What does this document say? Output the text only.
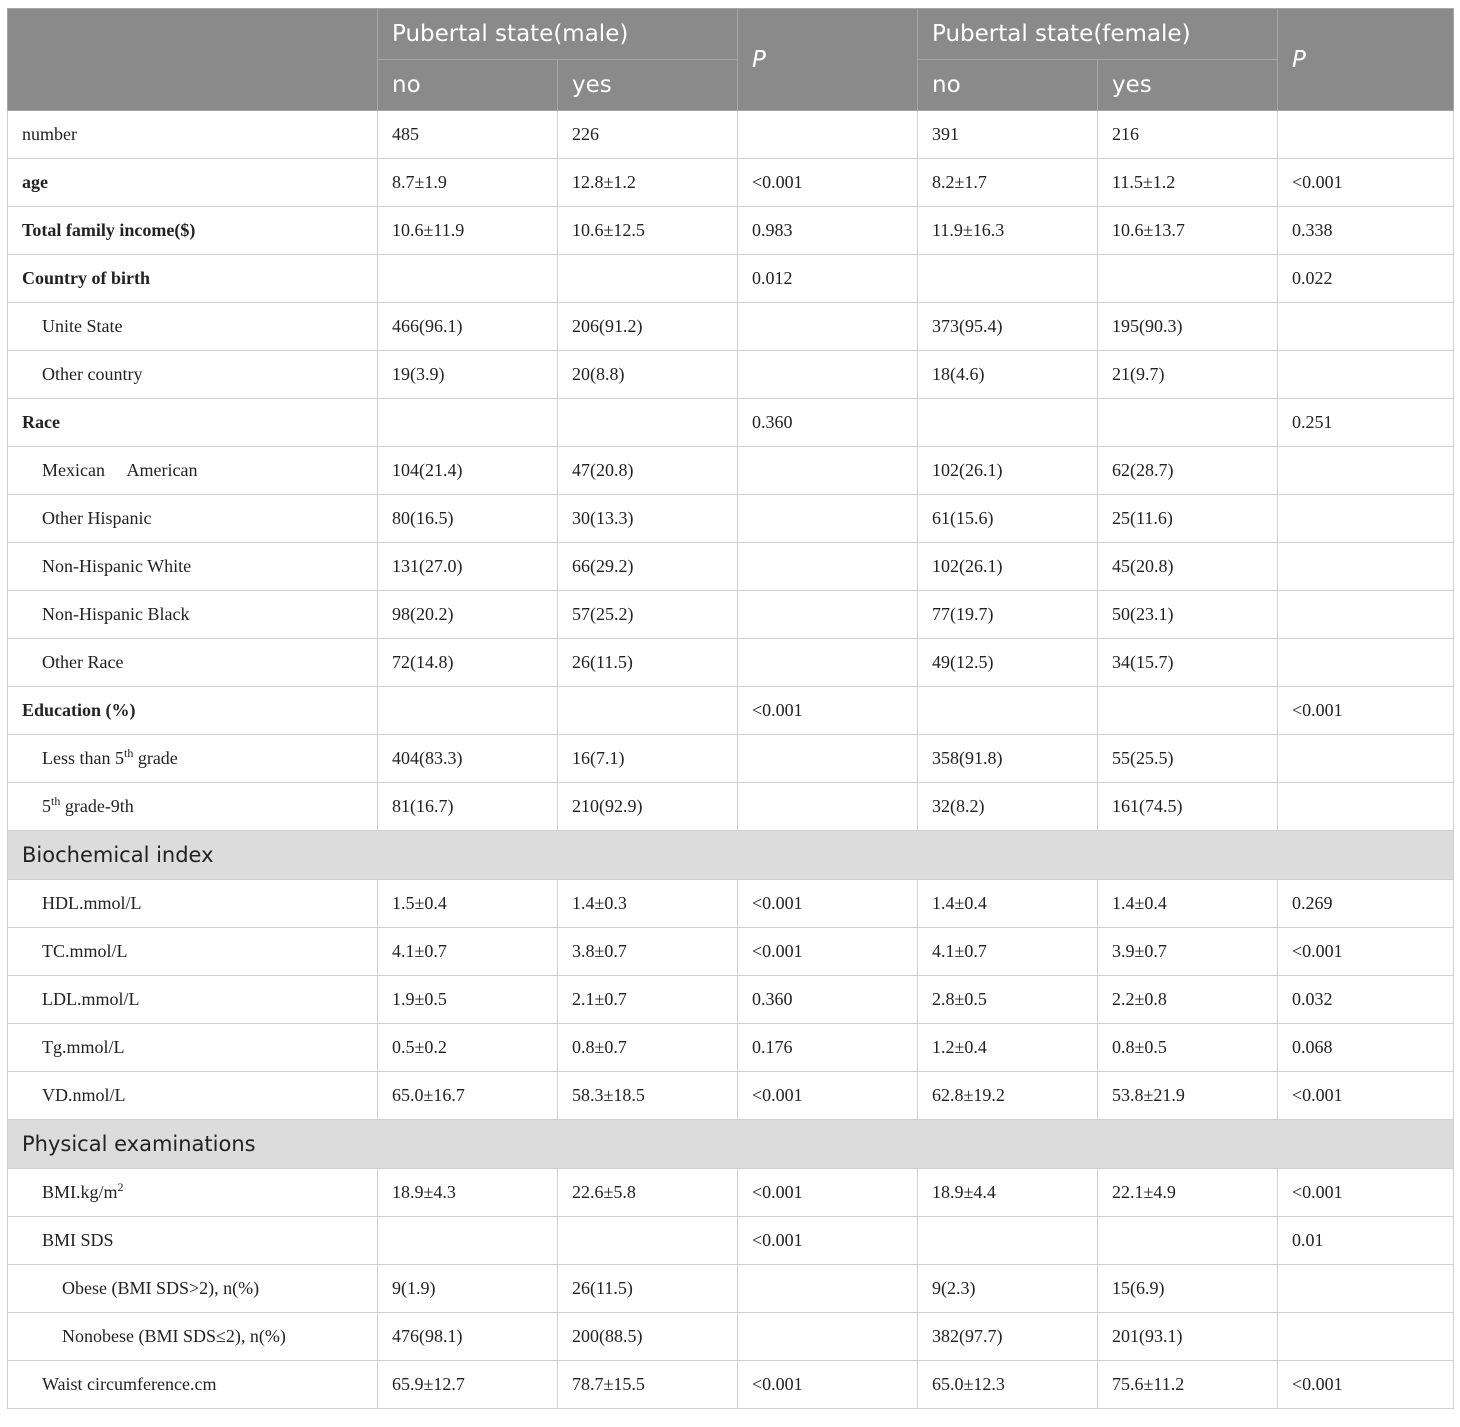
	Pubertal state(male)		P	Pubertal state(female)		P
	no	yes		no	yes	
number	485	226		391	216	
age	8.7±1.9	12.8±1.2	<0.001	8.2±1.7	11.5±1.2	<0.001
Total family income($)	10.6±11.9	10.6±12.5	0.983	11.9±16.3	10.6±13.7	0.338
Country of birth			0.012			0.022
Unite State	466(96.1)	206(91.2)		373(95.4)	195(90.3)	
Other country	19(3.9)	20(8.8)		18(4.6)	21(9.7)	
Race			0.360			0.251
Mexican     American	104(21.4)	47(20.8)		102(26.1)	62(28.7)	
Other Hispanic	80(16.5)	30(13.3)		61(15.6)	25(11.6)	
Non-Hispanic White	131(27.0)	66(29.2)		102(26.1)	45(20.8)	
Non-Hispanic Black	98(20.2)	57(25.2)		77(19.7)	50(23.1)	
Other Race	72(14.8)	26(11.5)		49(12.5)	34(15.7)	
Education (%)			<0.001			<0.001
Less than 5th grade	404(83.3)	16(7.1)		358(91.8)	55(25.5)	
5th grade-9th	81(16.7)	210(92.9)		32(8.2)	161(74.5)	
Biochemical index						
HDL.mmol/L	1.5±0.4	1.4±0.3	<0.001	1.4±0.4	1.4±0.4	0.269
TC.mmol/L	4.1±0.7	3.8±0.7	<0.001	4.1±0.7	3.9±0.7	<0.001
LDL.mmol/L	1.9±0.5	2.1±0.7	0.360	2.8±0.5	2.2±0.8	0.032
Tg.mmol/L	0.5±0.2	0.8±0.7	0.176	1.2±0.4	0.8±0.5	0.068
VD.nmol/L	65.0±16.7	58.3±18.5	<0.001	62.8±19.2	53.8±21.9	<0.001
Physical examinations						
$BMI.kg/m^2$	18.9±4.3	22.6±5.8	<0.001	18.9±4.4	22.1±4.9	<0.001
BMI SDS			<0.001			0.01
Obese (BMI SDS>2), n(%)	9(1.9)	26(11.5)		9(2.3)	15(6.9)	
Nonobese (BMI SDS≤2), n(%)	476(98.1)	200(88.5)		382(97.7)	201(93.1)	
Waist circumference.cm	65.9±12.7	78.7±15.5	<0.001	65.0±12.3	75.6±11.2	<0.001
